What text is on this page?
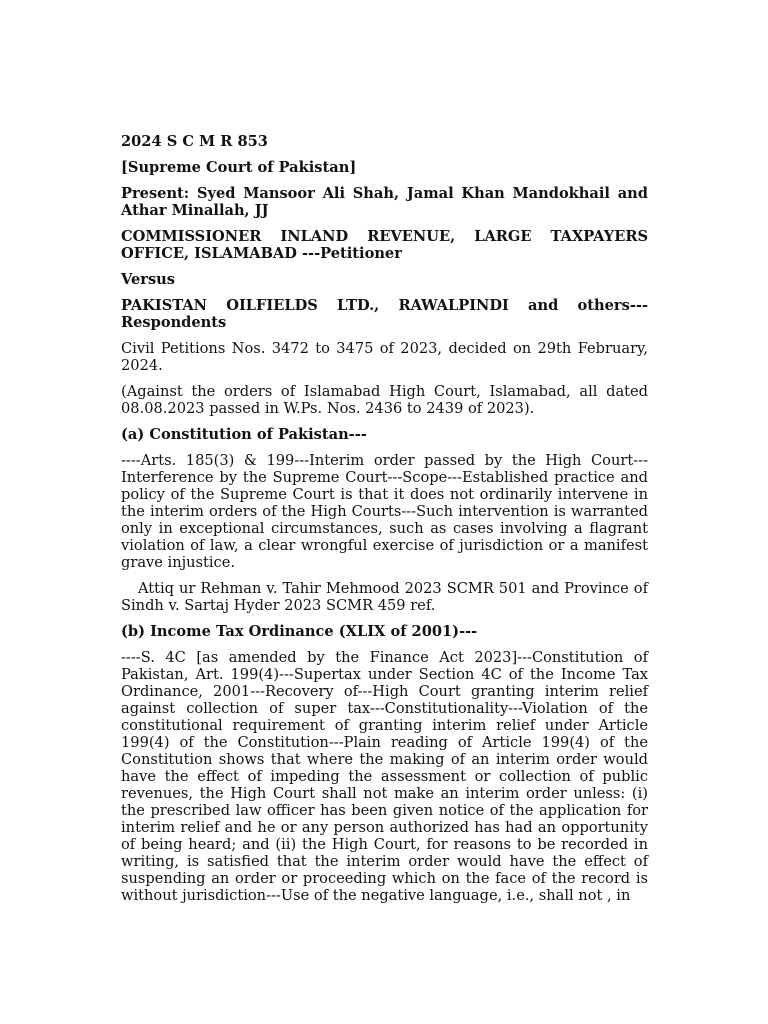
2024 S C M R 853

[Supreme Court of Pakistan]

Present: Syed Mansoor Ali Shah, Jamal Khan Mandokhail and Athar Minallah, JJ

COMMISSIONER INLAND REVENUE, LARGE TAXPAYERS OFFICE, ISLAMABAD ---Petitioner

Versus

PAKISTAN OILFIELDS LTD., RAWALPINDI and others---Respondents

Civil Petitions Nos. 3472 to 3475 of 2023, decided on 29th February, 2024.

(Against the orders of Islamabad High Court, Islamabad, all dated 08.08.2023 passed in W.Ps. Nos. 2436 to 2439 of 2023).

(a) Constitution of Pakistan---

----Arts. 185(3) & 199---Interim order passed by the High Court---Interference by the Supreme Court---Scope---Established practice and policy of the Supreme Court is that it does not ordinarily intervene in the interim orders of the High Courts---Such intervention is warranted only in exceptional circumstances, such as cases involving a flagrant violation of law, a clear wrongful exercise of jurisdiction or a manifest grave injustice.

Attiq ur Rehman v. Tahir Mehmood 2023 SCMR 501 and Province of Sindh v. Sartaj Hyder 2023 SCMR 459 ref.

(b) Income Tax Ordinance (XLIX of 2001)---

----S. 4C [as amended by the Finance Act 2023]---Constitution of Pakistan, Art. 199(4)---Supertax under Section 4C of the Income Tax Ordinance, 2001---Recovery of---High Court granting interim relief against collection of super tax---Constitutionality---Violation of the constitutional requirement of granting interim relief under Article 199(4) of the Constitution---Plain reading of Article 199(4) of the Constitution shows that where the making of an interim order would have the effect of impeding the assessment or collection of public revenues, the High Court shall not make an interim order unless: (i) the prescribed law officer has been given notice of the application for interim relief and he or any person authorized has had an opportunity of being heard; and (ii) the High Court, for reasons to be recorded in writing, is satisfied that the interim order would have the effect of suspending an order or proceeding which on the face of the record is without jurisdiction---Use of the negative language, i.e., shall not , in
